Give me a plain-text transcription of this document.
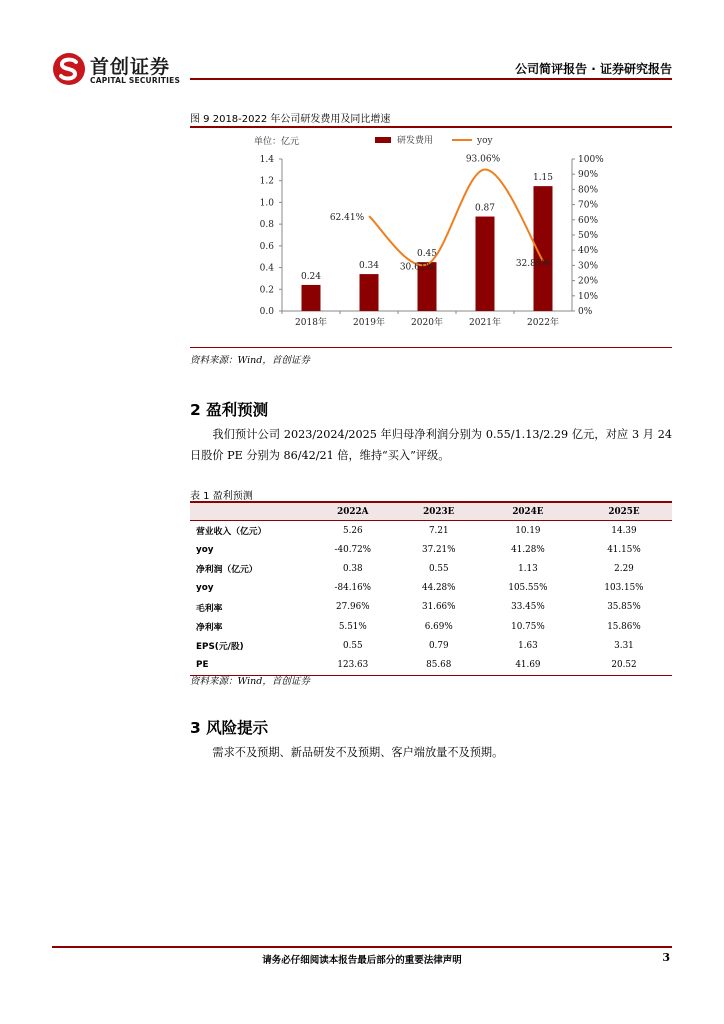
首创证券
CAPITAL SECURITIES
公司简评报告 · 证券研究报告
图 9 2018-2022 年公司研发费用及同比增速
单位：亿元
0.0
0.2
0.4
0.6
0.8
1.0
1.2
1.4
0%
10%
20%
30%
40%
50%
60%
70%
80%
90%
100%
2018年	2019年	2020年	2021年	2022年
0.24
0.34
0.45
0.87
1.15
62.41%
30.61%
93.06%
32.85%
研发费用	yoy
资料来源：Wind，首创证券
2 盈利预测
我们预计公司 2023/2024/2025 年归母净利润分别为 0.55/1.13/2.29 亿元，对应 3 月 24 日股价 PE 分别为 86/42/21 倍，维持“买入”评级。
表 1 盈利预测
	2022A	2023E	2024E	2025E
营业收入（亿元）	5.26	7.21	10.19	14.39
yoy	-40.72%	37.21%	41.28%	41.15%
净利润（亿元）	0.38	0.55	1.13	2.29
yoy	-84.16%	44.28%	105.55%	103.15%
毛利率	27.96%	31.66%	33.45%	35.85%
净利率	5.51%	6.69%	10.75%	15.86%
EPS(元/股)	0.55	0.79	1.63	3.31
PE	123.63	85.68	41.69	20.52
资料来源：Wind，首创证券
3 风险提示
需求不及预期、新品研发不及预期、客户端放量不及预期。
请务必仔细阅读本报告最后部分的重要法律声明	3
